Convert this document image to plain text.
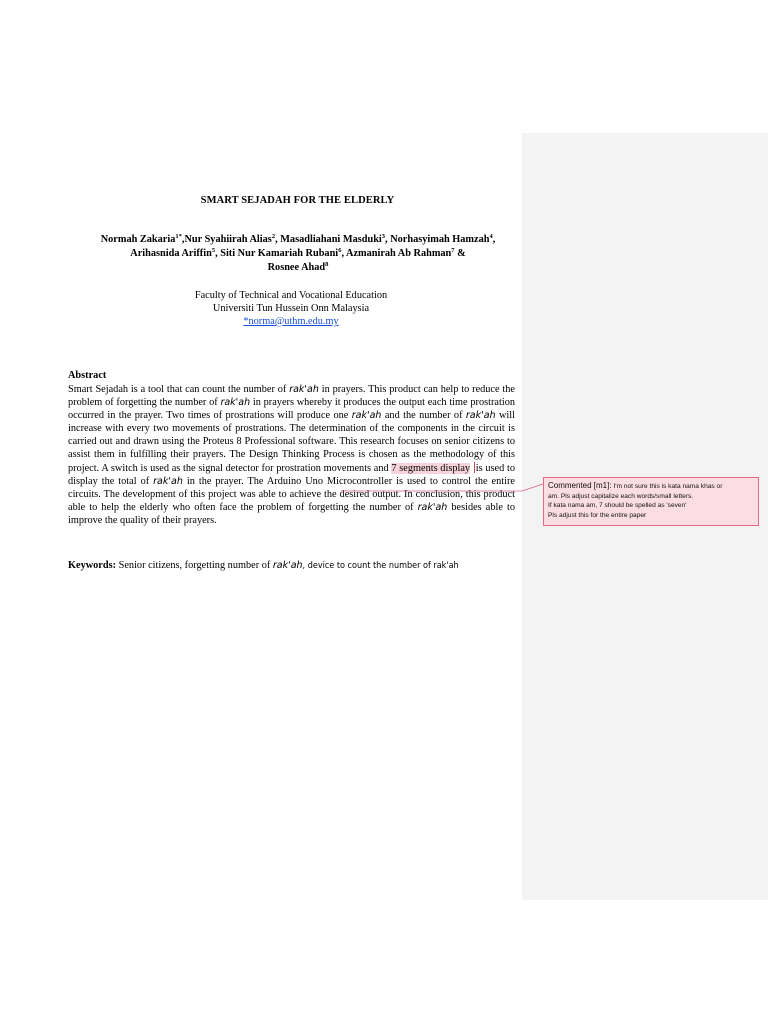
SMART SEJADAH FOR THE ELDERLY
Normah Zakaria$^{1*}$,Nur Syahiirah Alias$^2$, Masadliahani Masduki$^3$, Norhasyimah Hamzah$^4$,
Arihasnida Ariffin$^5$, Siti Nur Kamariah Rubani$^6$, Azmanirah Ab Rahman$^7$ &
Rosnee Ahad$^8$
Faculty of Technical and Vocational Education
Universiti Tun Hussein Onn Malaysia
*norma@uthm.edu.my
Abstract

Smart Sejadah is a tool that can count the number of rak'ah in prayers. This product can help to reduce the problem of forgetting the number of rak'ah in prayers whereby it produces the output each time prostration occurred in the prayer. Two times of prostrations will produce one rak'ah and the number of rak'ah will increase with every two movements of prostrations. The determination of the components in the circuit is carried out and drawn using the Proteus 8 Professional software. This research focuses on senior citizens to assist them in fulfilling their prayers. The Design Thinking Process is chosen as the methodology of this project. A switch is used as the signal detector for prostration movements and 7 segments display is used to display the total of rak'ah in the prayer. The Arduino Uno Microcontroller is used to control the entire circuits. The development of this project was able to achieve the desired output. In conclusion, this product able to help the elderly who often face the problem of forgetting the number of rak'ah besides able to improve the quality of their prayers.

Keywords: Senior citizens, forgetting number of rak'ah, device to count the number of rak'ah
Commented [m1]: I'm not sure this is kata nama khas or
am. Pls adjust capitalize each words/small letters.
If kata nama am, 7 should be spelled as 'seven'
Pls adjust this for the entire paper
